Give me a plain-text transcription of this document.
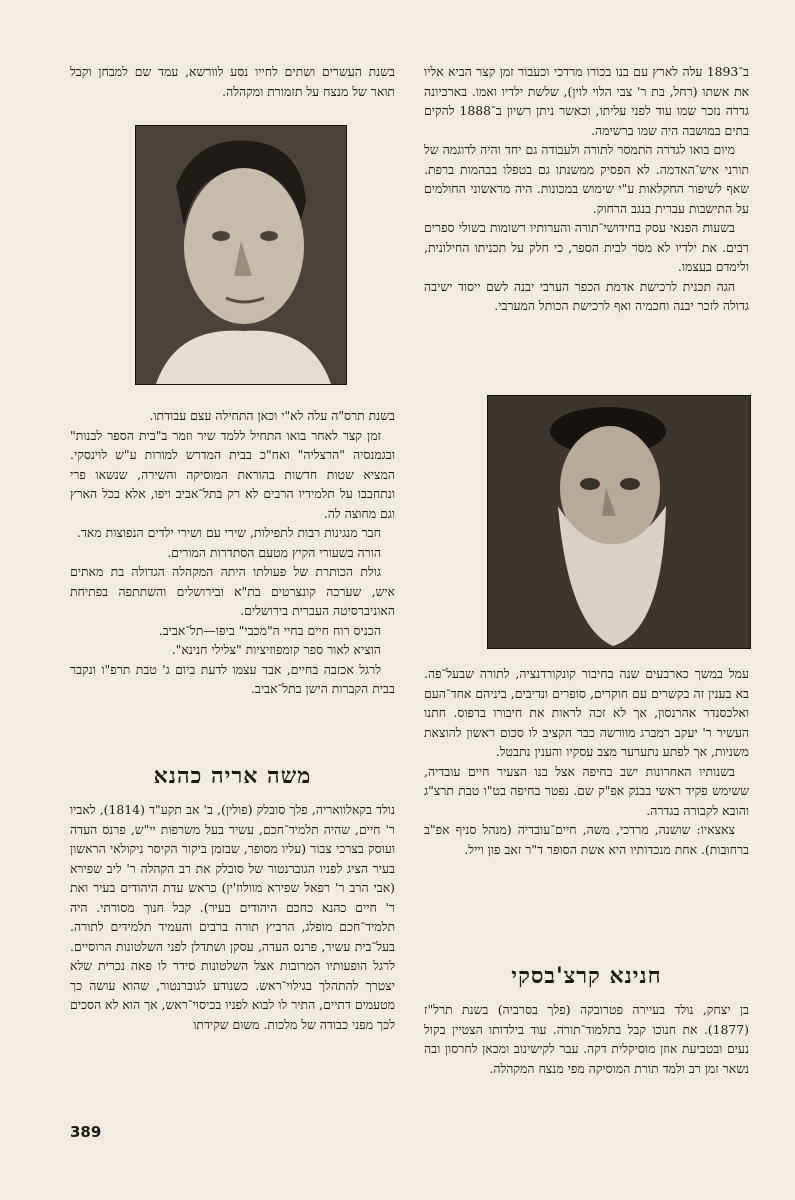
ב־1893 עלה לארץ עם בנו בכורו מרדכי וכעבור זמן קצר הביא אליו את אשתו (רחל, בת ר' צבי הלוי לוין), שלשת ילדיו ואמו. בארכיונה גדרה נזכר שמו עוד לפני עליתו, וכאשר ניתן רשיון ב־1888 להקים בתים במושבה היה שמו ברשימה.

מיום בואו לגדרה התמסר לתורה ולעבודה גם יחד והיה לדוגמה של תורני איש־האדמה. לא הפסיק ממשנתו גם בטפלו בבהמות ברפת. שאף לשיפור החקלאות ע"י שימוש במכונות. היה מראשוני החולמים על התישבות עברית בנגב הרחוק.

בשעות הפנאי עסק בחידושי־תורה והערותיו רשומות בשולי ספרים רבים. את ילדיו לא מסר לבית הספר, כי חלק על תכניתו החילונית, ולימדם בעצמו.

הגה תכנית לרכישת אדמת הכפר הערבי יבנה לשם ייסוד ישיבה גדולה לזכר יבנה וחכמיה ואף לרכישת הכותל המערבי.

עמל במשך כארבעים שנה בחיבור קונקורדנציה, לתורה שבעל־פה. בא בענין זה בקשרים עם חוקרים, סופרים ונדיבים, ביניהם אחד־העם ואלכסנדר אהרנסון, אך לא זכה לראות את חיבורו בדפוס. חתנו העשיר ר' יעקב רמברג מוורשה כבר הקציב לו סכום ראשון להוצאת משניות, אך לפתע נתערער מצב עסקיו והענין נתבטל.

בשנותיו האחרונות ישב בחיפה אצל בנו הצעיר חיים עובדיה, ששימש פקיד ראשי בבנק אפ"ק שם. נפטר בחיפה בט"ו טבת תרצ"ג והובא לקבורה בגדרה.

צאצאיו: שושנה, מרדכי, משה, חיים־עובדיה (מנהל סניף אפ"ב ברחובות). אחת מנכדותיו היא אשת הסופר ד"ר זאב פון וייל.

חנינא קרצ'בסקי

בן יצחק, נולד בעיירה פטרובקה (פלך בסרביה) בשנת תרל"ז (1877). את חנוכו קבל בתלמוד־תורה. עוד בילדותו הצטיין בקול נעים ובטביעת אוזן מוסיקלית דקה. עבר לקישינוב ומכאן לחרסון ובה נשאר זמן רב ולמד תורת המוסיקה מפי מנצח המקהלה.

בשנת העשרים ושתים לחייו נסע לוורשא, עמד שם למבחן וקבל תואר של מנצח על תזמורת ומקהלה.

בשנת תרס"ה עלה לא"י וכאן התחילה עצם עבודתו.

זמן קצר לאחר בואו התחיל ללמד שיר וזמר ב"בית הספר לבנות" ובגמנסיה "הרצליה" ואח"כ בבית המדרש למורות ע"ש לוינסקי. המציא שטות חדשות בהוראת המוסיקה והשירה, שנשאו פרי ונתחבבו על תלמידיו הרבים לא רק בתל־אביב ויפו, אלא בכל הארץ וגם מחוצה לה.

חבר מנגינות רבות לתפילות, שירי עם ושירי ילדים הנפוצות מאד.

הורה בשעורי הקיץ מטעם הסתדרות המורים.

גולת הכותרת של פעולתו היתה המקהלה הגדולה בת מאתים איש, שערכה קונצרטים בת"א ובירושלים והשתתפה בפתיחת האוניברסיטה העברית בירושלים.

הכניס רוח חיים בחיי ה"מכבי" ביפו—תל־אביב.

הוציא לאור ספר קומפוזיציות "צלילי חנינא".

לרגל אכזבה בחיים, אבד עצמו לדעת ביום ג' טבת תרפ"ו ונקבר בבית הקברות הישן בתל־אביב.

משה אריה כהנא

נולד בקאלוואריה, פלך סובלק (פולין), ב' אב תקע"ד (1814), לאביו ר' חיים, שהיה תלמיד־חכם, עשיר בעל משרפות יי"ש, פרנס העדה ועוסק בצרכי צבור (עליו מסופר, שבזמן ביקור הקיסר ניקולאי הראשון בעיר הציג לפניו הגוברנטור של סובלק את רב הקהלה ר' ליב שפירא (אבי הרב ר' רפאל שפירא מוולוז'ין) כראש עדת היהודים בעיר ואת ר' חיים כהנא כחכם היהודים בעיר). קבל חנוך מסורתי. היה תלמיד־חכם מופלג, הרביץ תורה ברבים והעמיד תלמידים לתורה. בעל־בית עשיר, פרנס העדה, עסקן ושתדלן לפני השלטונות הרוסיים. לרגל הופעותיו המרובות אצל השלטונות סידר לו פאה נכרית שלא יצטרך להתהלך בגילוי־ראש. כשנודע לגוברנטור, שהוא עושה כך מטעמים דתיים, התיר לו לבוא לפניו בכיסוי־ראש, אך הוא לא הסכים לכך מפני כבודה של מלכות. משום שקידתו

389
